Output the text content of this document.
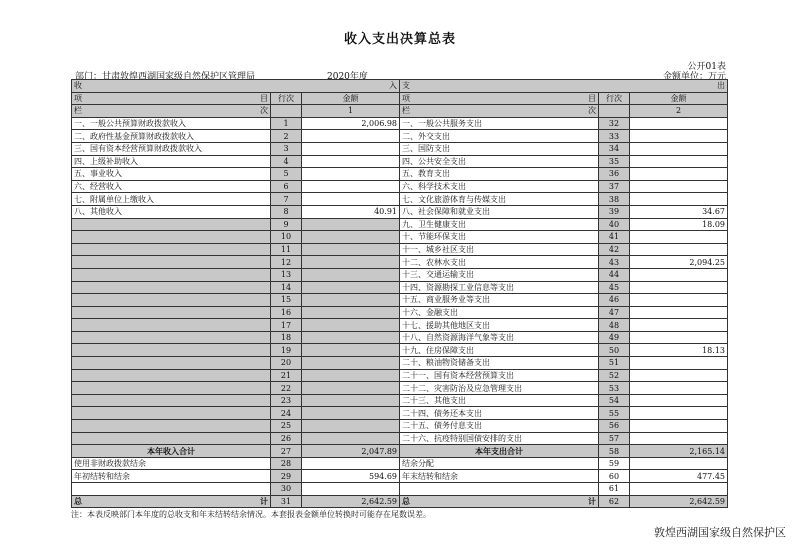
收入支出决算总表
公开01表
部门：甘肃敦煌西湖国家级自然保护区管理局	2020年度	金额单位：万元
收 入			支 出		

项 目	行次	金额	项 目	行次	金额

栏 次		1	栏 次		2
一、一般公共预算财政拨款收入	1	2,006.98	一、一般公共服务支出	32	
二、政府性基金预算财政拨款收入	2		二、外交支出	33	
三、国有资本经营预算财政拨款收入	3		三、国防支出	34	
四、上级补助收入	4		四、公共安全支出	35	
五、事业收入	5		五、教育支出	36	
六、经营收入	6		六、科学技术支出	37	
七、附属单位上缴收入	7		七、文化旅游体育与传媒支出	38	
八、其他收入	8	40.91	八、社会保障和就业支出	39	34.67
	9		九、卫生健康支出	40	18.09
	10		十、节能环保支出	41	
	11		十一、城乡社区支出	42	
	12		十二、农林水支出	43	2,094.25
	13		十三、交通运输支出	44	
	14		十四、资源勘探工业信息等支出	45	
	15		十五、商业服务业等支出	46	
	16		十六、金融支出	47	
	17		十七、援助其他地区支出	48	
	18		十八、自然资源海洋气象等支出	49	
	19		十九、住房保障支出	50	18.13
	20		二十、粮油物资储备支出	51	
	21		二十一、国有资本经营预算支出	52	
	22		二十二、灾害防治及应急管理支出	53	
	23		二十三、其他支出	54	
	24		二十四、债务还本支出	55	
	25		二十五、债务付息支出	56	
	26		二十六、抗疫特别国债安排的支出	57	
本年收入合计	27	2,047.89	本年支出合计	58	2,165.14
使用非财政拨款结余	28		结余分配	59	
年初结转和结余	29	594.69	年末结转和结余	60	477.45
	30			61	

总 计	31	2,642.59	总 计	62	2,642.59
注：本表反映部门本年度的总收支和年末结转结余情况。本套报表金额单位转换时可能存在尾数误差。
敦煌西湖国家级自然保护区
